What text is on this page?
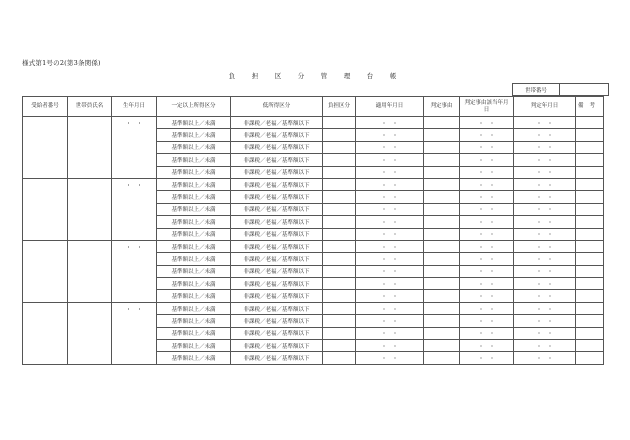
様式第1号の2(第3条関係)
負　担　区　分　管　理　台　帳
世帯番号	
受給者番号	世帯員氏名	生年月日	一定以上所得区分	低所得区分	負担区分	適用年月日	判定事由	判定事由該当年月日	判定年月日	備考
		・　・	基準額以上／未満	非課税／老福／基準額以下		・　・		・　・	・　・	
			基準額以上／未満	非課税／老福／基準額以下		・　・		・　・	・　・	
			基準額以上／未満	非課税／老福／基準額以下		・　・		・　・	・　・	
			基準額以上／未満	非課税／老福／基準額以下		・　・		・　・	・　・	
			基準額以上／未満	非課税／老福／基準額以下		・　・		・　・	・　・	
		・　・	基準額以上／未満	非課税／老福／基準額以下		・　・		・　・	・　・	
			基準額以上／未満	非課税／老福／基準額以下		・　・		・　・	・　・	
			基準額以上／未満	非課税／老福／基準額以下		・　・		・　・	・　・	
			基準額以上／未満	非課税／老福／基準額以下		・　・		・　・	・　・	
			基準額以上／未満	非課税／老福／基準額以下		・　・		・　・	・　・	
		・　・	基準額以上／未満	非課税／老福／基準額以下		・　・		・　・	・　・	
			基準額以上／未満	非課税／老福／基準額以下		・　・		・　・	・　・	
			基準額以上／未満	非課税／老福／基準額以下		・　・		・　・	・　・	
			基準額以上／未満	非課税／老福／基準額以下		・　・		・　・	・　・	
			基準額以上／未満	非課税／老福／基準額以下		・　・		・　・	・　・	
		・　・	基準額以上／未満	非課税／老福／基準額以下		・　・		・　・	・　・	
			基準額以上／未満	非課税／老福／基準額以下		・　・		・　・	・　・	
			基準額以上／未満	非課税／老福／基準額以下		・　・		・　・	・　・	
			基準額以上／未満	非課税／老福／基準額以下		・　・		・　・	・　・	
			基準額以上／未満	非課税／老福／基準額以下		・　・		・　・	・　・	
